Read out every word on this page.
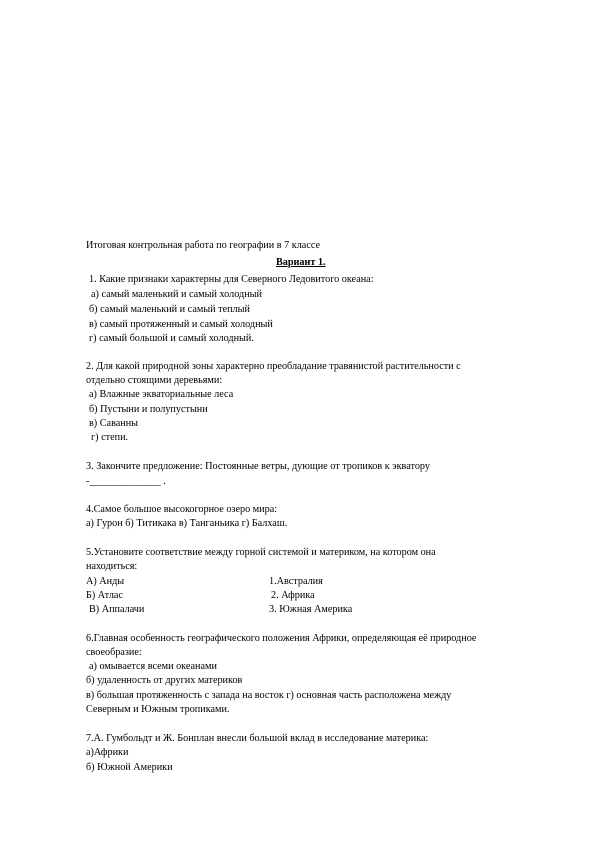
Итоговая контрольная работа по географии в 7 классе
Вариант 1.
1. Какие признаки характерны для Северного Ледовитого океана:
а) самый маленький и самый холодный
б) самый маленький и самый теплый
в) самый протяженный и самый холодный
г) самый большой и самый холодный.
2. Для какой природной зоны характерно преобладание травянистой растительности с
отдельно стоящими деревьями:
а) Влажные экваториальные леса
б) Пустыни и полупустыни
в) Саванны
г) степи.
3. Закончите предложение: Постоянные ветры, дующие от тропиков к экватору
-______________ .
4.Самое большое высокогорное озеро мира:
а) Гурон б) Титикака в) Танганьика г) Балхаш.
5.Установите соответствие между горной системой и материком, на котором она
находиться:
А) Анды	1.Австралия
Б) Атлас	2. Африка
В) Аппалачи	3. Южная Америка
6.Главная особенность географического положения Африки, определяющая её природное
своеобразие:
а) омывается всеми океанами
б) удаленность от других материков
в) большая протяженность с запада на восток г) основная часть расположена между
Северным и Южным тропиками.
7.А. Гумбольдт и Ж. Бонплан внесли большой вклад в исследование материка:
а)Африки
б) Южной Америки
